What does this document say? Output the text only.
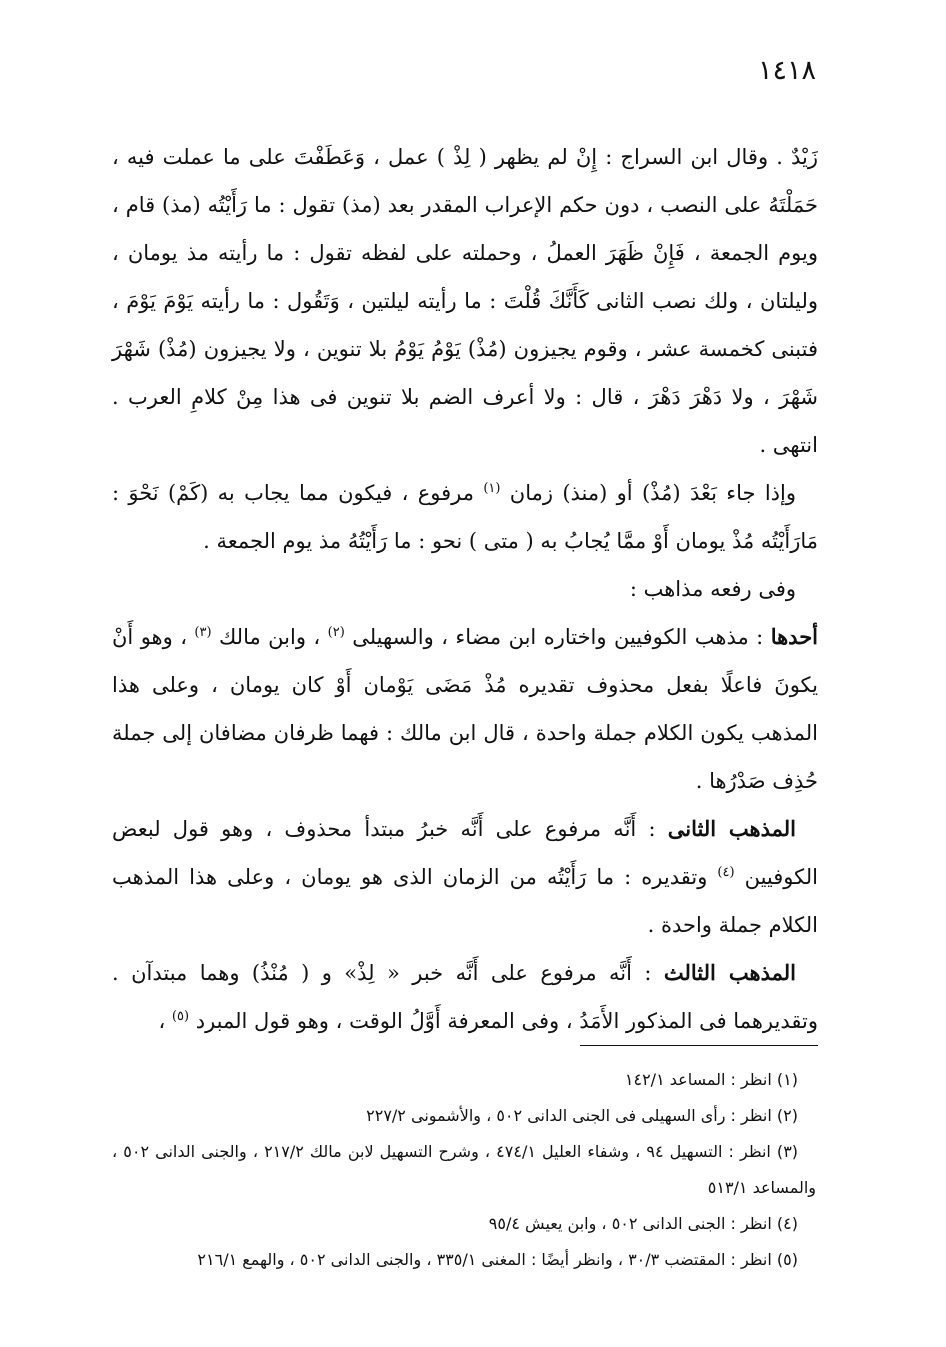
١٤١٨

زَيْدٌ . وقال ابن السراج : إِنْ لم يظهر ( لِذْ ) عمل ، وَعَطَفْتَ على ما عملت فيه ، حَمَلْتَهُ على النصب ، دون حكم الإعراب المقدر بعد (مذ) تقول : ما رَأَيْتُه (مذ) قام ، ويوم الجمعة ، فَإِنْ ظَهَرَ العملُ ، وحملته على لفظه تقول : ما رأيته مذ يومان ، وليلتان ، ولك نصب الثانى كَأَنَّكَ قُلْتَ : ما رأيته ليلتين ، وَتَقُول : ما رأيته يَوْمَ يَوْمَ ، فتبنى كخمسة عشر ، وقوم يجيزون (مُذْ) يَوْمُ يَوْمُ بلا تنوين ، ولا يجيزون (مُذْ) شَهْرَ شَهْرَ ، ولا دَهْرَ دَهْرَ ، قال : ولا أعرف الضم بلا تنوين فى هذا مِنْ كلامِ العرب . انتهى .

وإذا جاء بَعْدَ (مُذْ) أو (منذ) زمان $^{(١)}$ مرفوع ، فيكون مما يجاب به (كَمْ) نَحْوَ : مَارَأَيْتُه مُذْ يومان أَوْ ممَّا يُجابُ به ( متى ) نحو : ما رَأَيْتُهُ مذ يوم الجمعة .

وفى رفعه مذاهب :

أحدها : مذهب الكوفيين واختاره ابن مضاء ، والسهيلى $^{(٢)}$ ، وابن مالك $^{(٣)}$ ، وهو أَنْ يكونَ فاعلًا بفعل محذوف تقديره مُذْ مَضَى يَوْمان أَوْ كان يومان ، وعلى هذا المذهب يكون الكلام جملة واحدة ، قال ابن مالك : فهما ظرفان مضافان إلى جملة حُذِف صَدْرُها .

المذهب الثانى : أَنَّه مرفوع على أَنَّه خبرُ مبتدأ محذوف ، وهو قول لبعض الكوفيين $^{(٤)}$ وتقديره : ما رَأَيْتُه من الزمان الذى هو يومان ، وعلى هذا المذهب الكلام جملة واحدة .

المذهب الثالث : أَنَّه مرفوع على أَنَّه خبر « لِذْ» و ( مُنْذُ) وهما مبتدآن . وتقديرهما فى المذكور الأَمَدُ ، وفى المعرفة أَوَّلُ الوقت ، وهو قول المبرد $^{(٥)}$ ،

(١) انظر : المساعد ١٤٢/١

(٢) انظر : رأى السهيلى فى الجنى الدانى ٥٠٢ ، والأشمونى ٢٢٧/٢

(٣) انظر : التسهيل ٩٤ ، وشفاء العليل ٤٧٤/١ ، وشرح التسهيل لابن مالك ٢١٧/٢ ، والجنى الدانى ٥٠٢ ، والمساعد ٥١٣/١

(٤) انظر : الجنى الدانى ٥٠٢ ، وابن يعيش ٩٥/٤

(٥) انظر : المقتضب ٣٠/٣ ، وانظر أيضًا : المغنى ٣٣٥/١ ، والجنى الدانى ٥٠٢ ، والهمع ٢١٦/١
